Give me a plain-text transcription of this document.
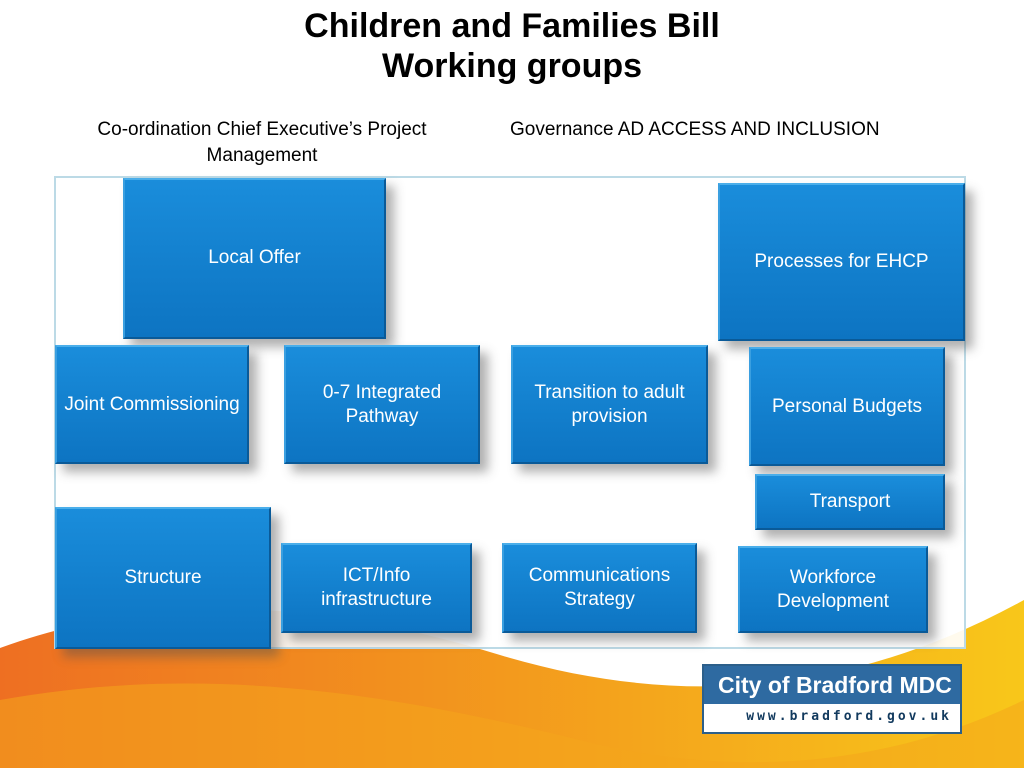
Children and Families Bill
Working groups
Co-ordination Chief Executive’s Project Management
Governance AD ACCESS AND INCLUSION
Local Offer	Processes for EHCP
Joint Commissioning
0-7 Integrated Pathway
Transition to adult provision	Personal Budgets
Transport
Structure	ICT/Info infrastructure
Communications Strategy
Workforce Development
City of Bradford MDC
www.bradford.gov.uk
